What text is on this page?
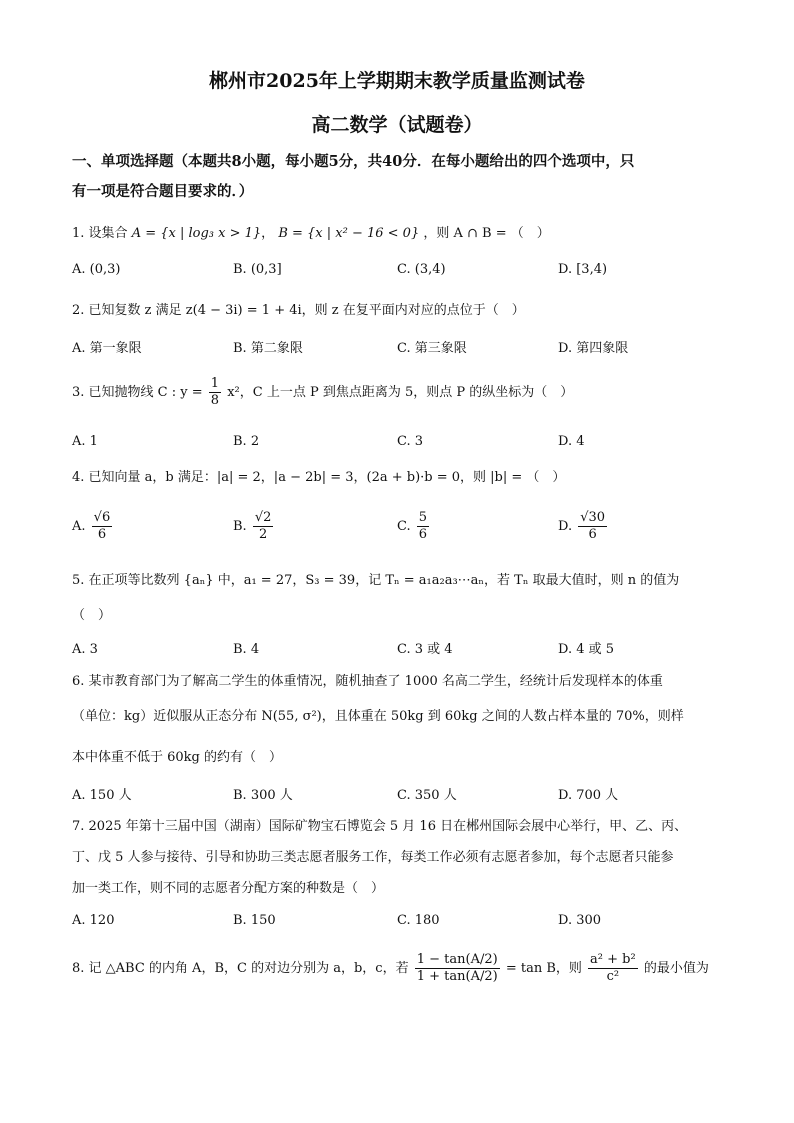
郴州市2025年上学期期末教学质量监测试卷
高二数学（试题卷）
一、单项选择题（本题共8小题，每小题5分，共40分．在每小题给出的四个选项中，只
有一项是符合题目要求的．）
1. 设集合 A = {x | log₃ x > 1}， B = {x | x² − 16 < 0} ，则 A ∩ B = （　）
A. (0,3)	B. (0,3]	C. (3,4)	D. [3,4)
2. 已知复数 z 满足 z(4 − 3i) = 1 + 4i，则 z 在复平面内对应的点位于（　）
A. 第一象限	B. 第二象限	C. 第三象限	D. 第四象限
3. 已知抛物线 C : $y = \frac{1}{8} x^2$，C 上一点 P 到焦点距离为 5，则点 P 的纵坐标为（　）
A. 1	B. 2	C. 3	D. 4
4. 已知向量 a，b 满足：|a| = 2，|a − 2b| = 3，(2a + b)·b = 0，则 |b| = （　）
A. $\frac{√6}{6}$	B. $\frac{√2}{2}$	C. $\frac{5}{6}$	D. $\frac{√30}{6}$
5. 在正项等比数列 {aₙ} 中，a₁ = 27，S₃ = 39，记 Tₙ = a₁a₂a₃⋯aₙ，若 Tₙ 取最大值时，则 n 的值为
（　）
A. 3	B. 4	C. 3 或 4	D. 4 或 5
6. 某市教育部门为了解高二学生的体重情况，随机抽查了 1000 名高二学生，经统计后发现样本的体重
（单位：kg）近似服从正态分布 N(55, σ²)，且体重在 50kg 到 60kg 之间的人数占样本量的 70%，则样
本中体重不低于 60kg 的约有（　）
A. 150 人	B. 300 人	C. 350 人	D. 700 人
7. 2025 年第十三届中国（湖南）国际矿物宝石博览会 5 月 16 日在郴州国际会展中心举行，甲、乙、丙、
丁、戊 5 人参与接待、引导和协助三类志愿者服务工作，每类工作必须有志愿者参加，每个志愿者只能参
加一类工作，则不同的志愿者分配方案的种数是（　）
A. 120	B. 150	C. 180	D. 300
8. 记 △ABC 的内角 A，B，C 的对边分别为 a，b，c，若 $\frac{1 - \tan(A/2)}{1 + \tan(A/2)} = \tan B$，则 $\frac{\text{a² + b²}}{\text{c²}}$ 的最小值为
